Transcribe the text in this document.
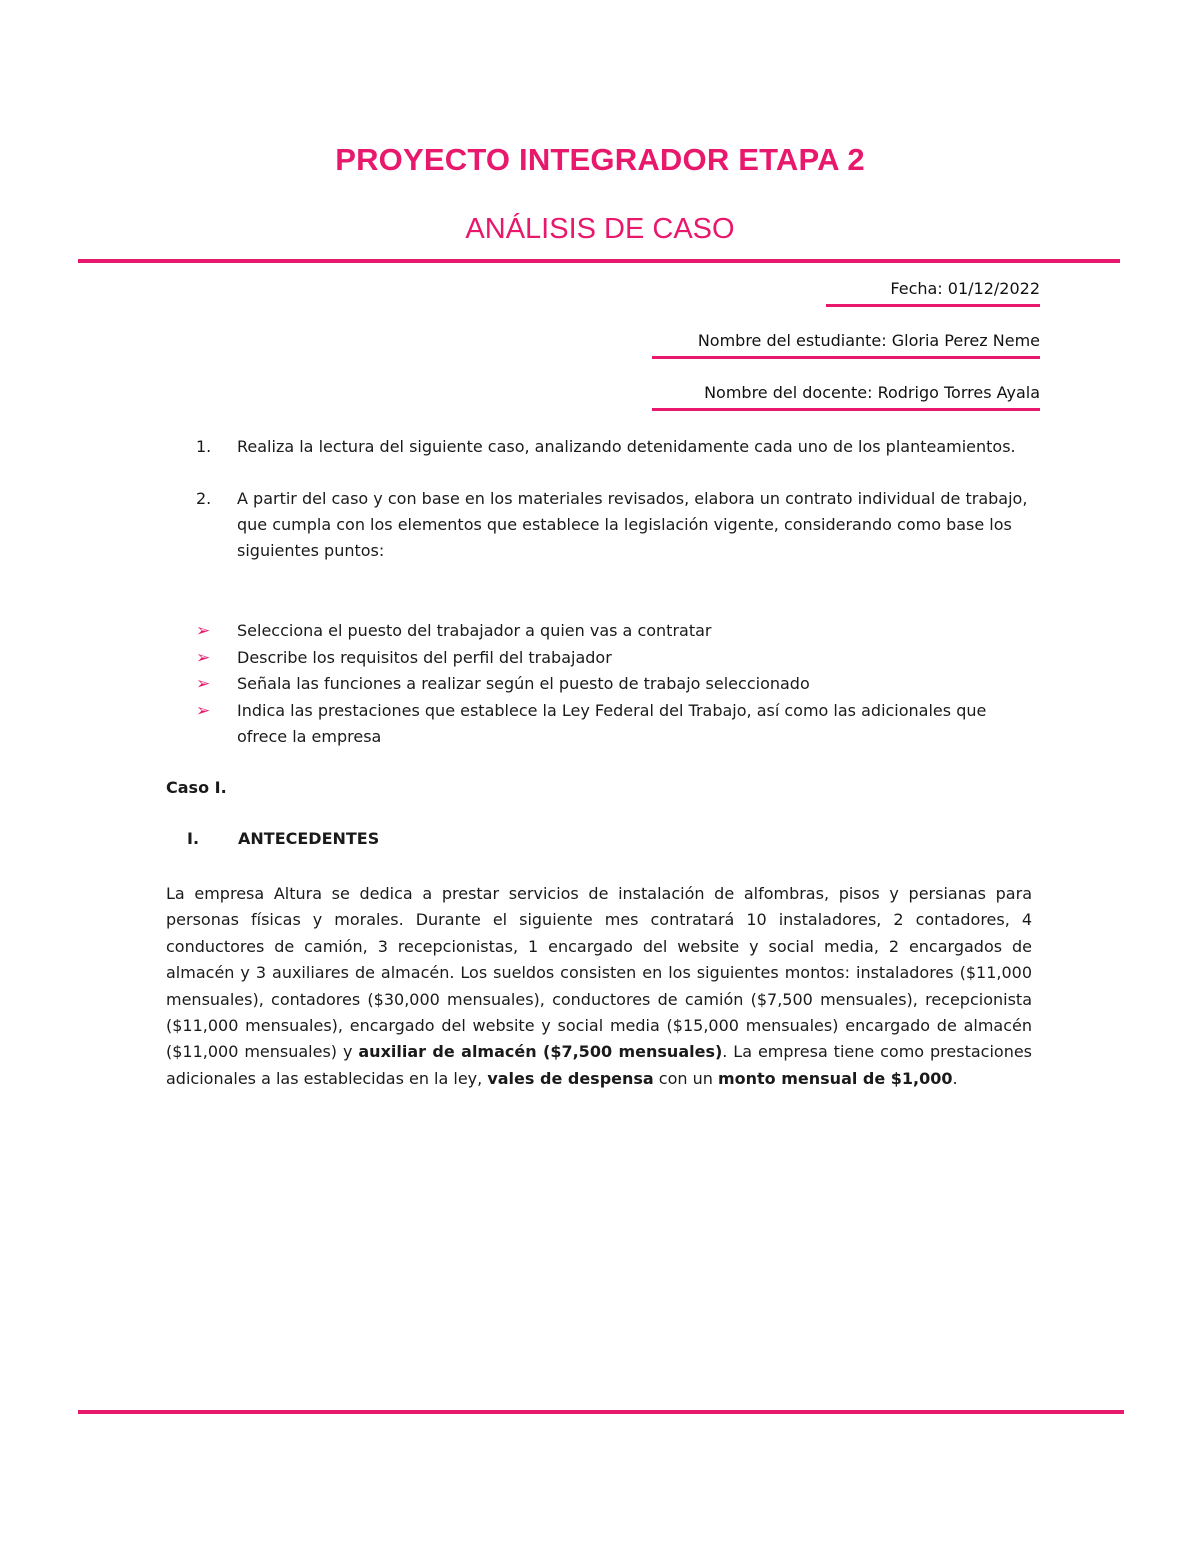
PROYECTO INTEGRADOR ETAPA 2
ANÁLISIS DE CASO
Fecha: 01/12/2022
Nombre del estudiante: Gloria Perez Neme
Nombre del docente: Rodrigo Torres Ayala
1. Realiza la lectura del siguiente caso, analizando detenidamente cada uno de los planteamientos.
2. A partir del caso y con base en los materiales revisados, elabora un contrato individual de trabajo, que cumpla con los elementos que establece la legislación vigente, considerando como base los siguientes puntos:
➢ Selecciona el puesto del trabajador a quien vas a contratar
➢ Describe los requisitos del perfil del trabajador
➢ Señala las funciones a realizar según el puesto de trabajo seleccionado
➢ Indica las prestaciones que establece la Ley Federal del Trabajo, así como las adicionales que ofrece la empresa
Caso I.
I. ANTECEDENTES

La empresa Altura se dedica a prestar servicios de instalación de alfombras, pisos y persianas para personas físicas y morales. Durante el siguiente mes contratará 10 instaladores, 2 contadores, 4 conductores de camión, 3 recepcionistas, 1 encargado del website y social media, 2 encargados de almacén y 3 auxiliares de almacén. Los sueldos consisten en los siguientes montos: instaladores ($11,000 mensuales), contadores ($30,000 mensuales), conductores de camión ($7,500 mensuales), recepcionista ($11,000 mensuales), encargado del website y social media ($15,000 mensuales) encargado de almacén ($11,000 mensuales) y auxiliar de almacén ($7,500 mensuales). La empresa tiene como prestaciones adicionales a las establecidas en la ley, vales de despensa con un monto mensual de $1,000.
